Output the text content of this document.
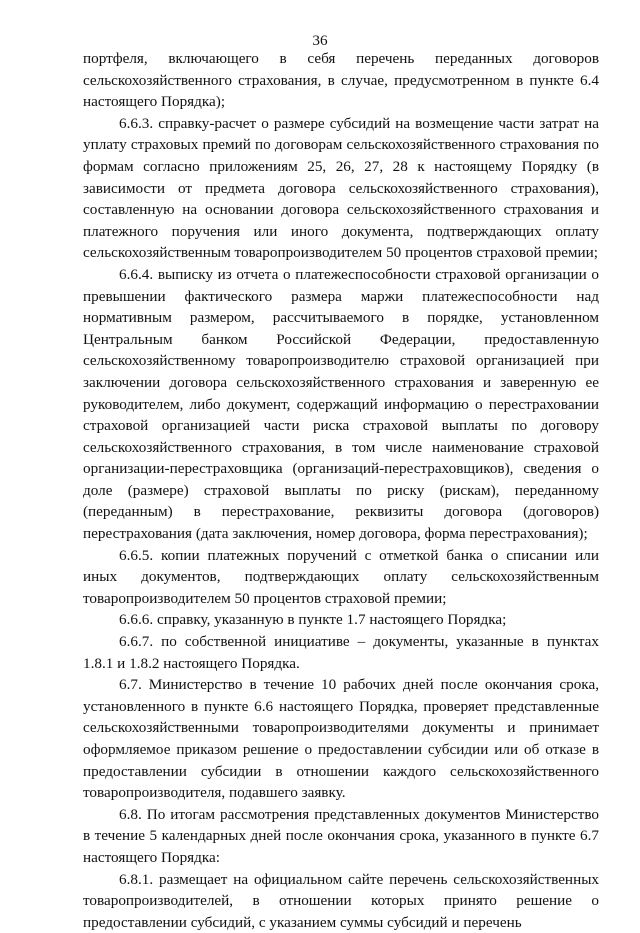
36

портфеля, включающего в себя перечень переданных договоров сельскохозяйственного страхования, в случае, предусмотренном в пункте 6.4 настоящего Порядка);

6.6.3. справку-расчет о размере субсидий на возмещение части затрат на уплату страховых премий по договорам сельскохозяйственного страхования по формам согласно приложениям 25, 26, 27, 28 к настоящему Порядку (в зависимости от предмета договора сельскохозяйственного страхования), составленную на основании договора сельскохозяйственного страхования и платежного поручения или иного документа, подтверждающих оплату сельскохозяйственным товаропроизводителем 50 процентов страховой премии;

6.6.4. выписку из отчета о платежеспособности страховой организации о превышении фактического размера маржи платежеспособности над нормативным размером, рассчитываемого в порядке, установленном Центральным банком Российской Федерации, предоставленную сельскохозяйственному товаропроизводителю страховой организацией при заключении договора сельскохозяйственного страхования и заверенную ее руководителем, либо документ, содержащий информацию о перестраховании страховой организацией части риска страховой выплаты по договору сельскохозяйственного страхования, в том числе наименование страховой организации-перестраховщика (организаций-перестраховщиков), сведения о доле (размере) страховой выплаты по риску (рискам), переданному (переданным) в перестрахование, реквизиты договора (договоров) перестрахования (дата заключения, номер договора, форма перестрахования);

6.6.5. копии платежных поручений с отметкой банка о списании или иных документов, подтверждающих оплату сельскохозяйственным товаропроизводителем 50 процентов страховой премии;

6.6.6. справку, указанную в пункте 1.7 настоящего Порядка;

6.6.7. по собственной инициативе – документы, указанные в пунктах 1.8.1 и 1.8.2 настоящего Порядка.

6.7. Министерство в течение 10 рабочих дней после окончания срока, установленного в пункте 6.6 настоящего Порядка, проверяет представленные сельскохозяйственными товаропроизводителями документы и принимает оформляемое приказом решение о предоставлении субсидии или об отказе в предоставлении субсидии в отношении каждого сельскохозяйственного товаропроизводителя, подавшего заявку.

6.8. По итогам рассмотрения представленных документов Министерство в течение 5 календарных дней после окончания срока, указанного в пункте 6.7 настоящего Порядка:

6.8.1. размещает на официальном сайте перечень сельскохозяйственных товаропроизводителей, в отношении которых принято решение о предоставлении субсидий, с указанием суммы субсидий и перечень
